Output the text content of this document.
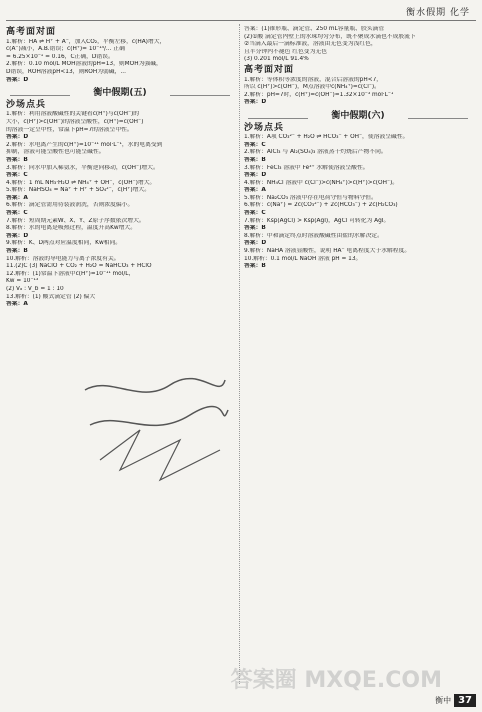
衡水假期 化学
高考面对面
1.解析：HA ⇌ H⁺ + A⁻，加入CO₂，平衡左移，c(HA)增大，
c(A⁻)减小，A.B.错误；c(H⁺)= 10⁻¹⁴/... 正确
= 6.25×10⁻¹ = 0.16，C正确，D错误。
2.解析：0.10 mol/L MOH溶液的pH=13，则MOH为强碱，
D错误，ROH溶液pH<13，则ROH为弱碱，...
答案：D
衡中假期(五)
沙场点兵
1.解析：利用溶液酸碱性的关键看c(H⁺)与c(OH⁻)的
大小，c(H⁺)>c(OH⁻)的溶液呈酸性，c(H⁺)=c(OH⁻)
的溶液一定呈中性，常温下pH=7的溶液呈中性。
答案：D
2.解析：水电离产生的c(H⁺)=10⁻¹¹ mol·L⁻¹，水的电离受到
抑制，溶液可能呈酸性也可能呈碱性。
答案：B
3.解析：向水中加入稀氨水，平衡逆向移动，c(OH⁻)增大。
答案：C
4.解析：1 mL NH₃·H₂O ⇌ NH₄⁺ + OH⁻，c(OH⁻)增大。
5.解析：NaHSO₄ = Na⁺ + H⁺ + SO₄²⁻，c(H⁺)增大。
答案：A
6.解析：滴定管需用待装液润洗，否则浓度偏小。
答案：C
7.解析：短周期元素W、X、Y、Z原子序数依次增大。
8.解析：水的电离是吸热过程，温度升高Kw增大。
答案：D
9.解析：K、D两点对应温度相同，Kw相同。
答案：B
10.解析：溶液的导电能力与离子浓度有关。
11.(2)C (3) NaClO + CO₂ + H₂O = NaHCO₃ + HClO
12.解析：(1)常温下溶液中c(H⁺)=10⁻¹¹ mol/L，
Kw = 10⁻¹³
(2) Vₐ : V_b = 1 : 10
13.解析：(1) 酸式滴定管 (2) 偏大
答案：A
答案：(1)锥形瓶、滴定管、250 mL容量瓶、胶头滴管
(2)①酸 滴定管内壁上的水珠均匀分布，既不聚成水滴也不成股流下
②当滴入最后一滴标准液，溶液由无色变为浅红色，
且半分钟内不褪色 红色变为无色
(3) 0.201 mol/L 91.4%
高考面对面
1.解析：等体积等浓度的溶液，混合后溶液的pH<7，
所以 c(H⁺)>c(OH⁻)，M点溶液中c(NH₄⁺)=c(Cl⁻)。
2.解析：pH=7时，c(H⁺)=c(OH⁻)=1.32×10⁻³ mol·L⁻¹
答案：D
衡中假期(六)
沙场点兵
1.解析：A项 CO₃²⁻ + H₂O ⇌ HCO₃⁻ + OH⁻，使溶液呈碱性。
答案：C
2.解析：AlCl₃ 与 Al₂(SO₄)₃ 溶液蒸干灼烧后产物不同。
答案：B
3.解析：FeCl₃ 溶液中 Fe³⁺ 水解使溶液呈酸性。
答案：D
4.解析：NH₄Cl 溶液中 c(Cl⁻)>c(NH₄⁺)>c(H⁺)>c(OH⁻)。
答案：A
5.解析：Na₂CO₃ 溶液中存在电荷守恒与物料守恒。
6.解析：c(Na⁺) = 2c(CO₃²⁻) + 2c(HCO₃⁻) + 2c(H₂CO₃)
答案：C
7.解析：Ksp(AgCl) > Ksp(AgI)，AgCl 可转化为 AgI。
答案：B
8.解析：中和滴定终点时溶液酸碱性由盐的水解决定。
答案：D
9.解析：NaHA 溶液显酸性，说明 HA⁻ 电离程度大于水解程度。
10.解析：0.1 mol/L NaOH 溶液 pH = 13。
答案：B
答案圈 MXQE.COM
衡中 37
